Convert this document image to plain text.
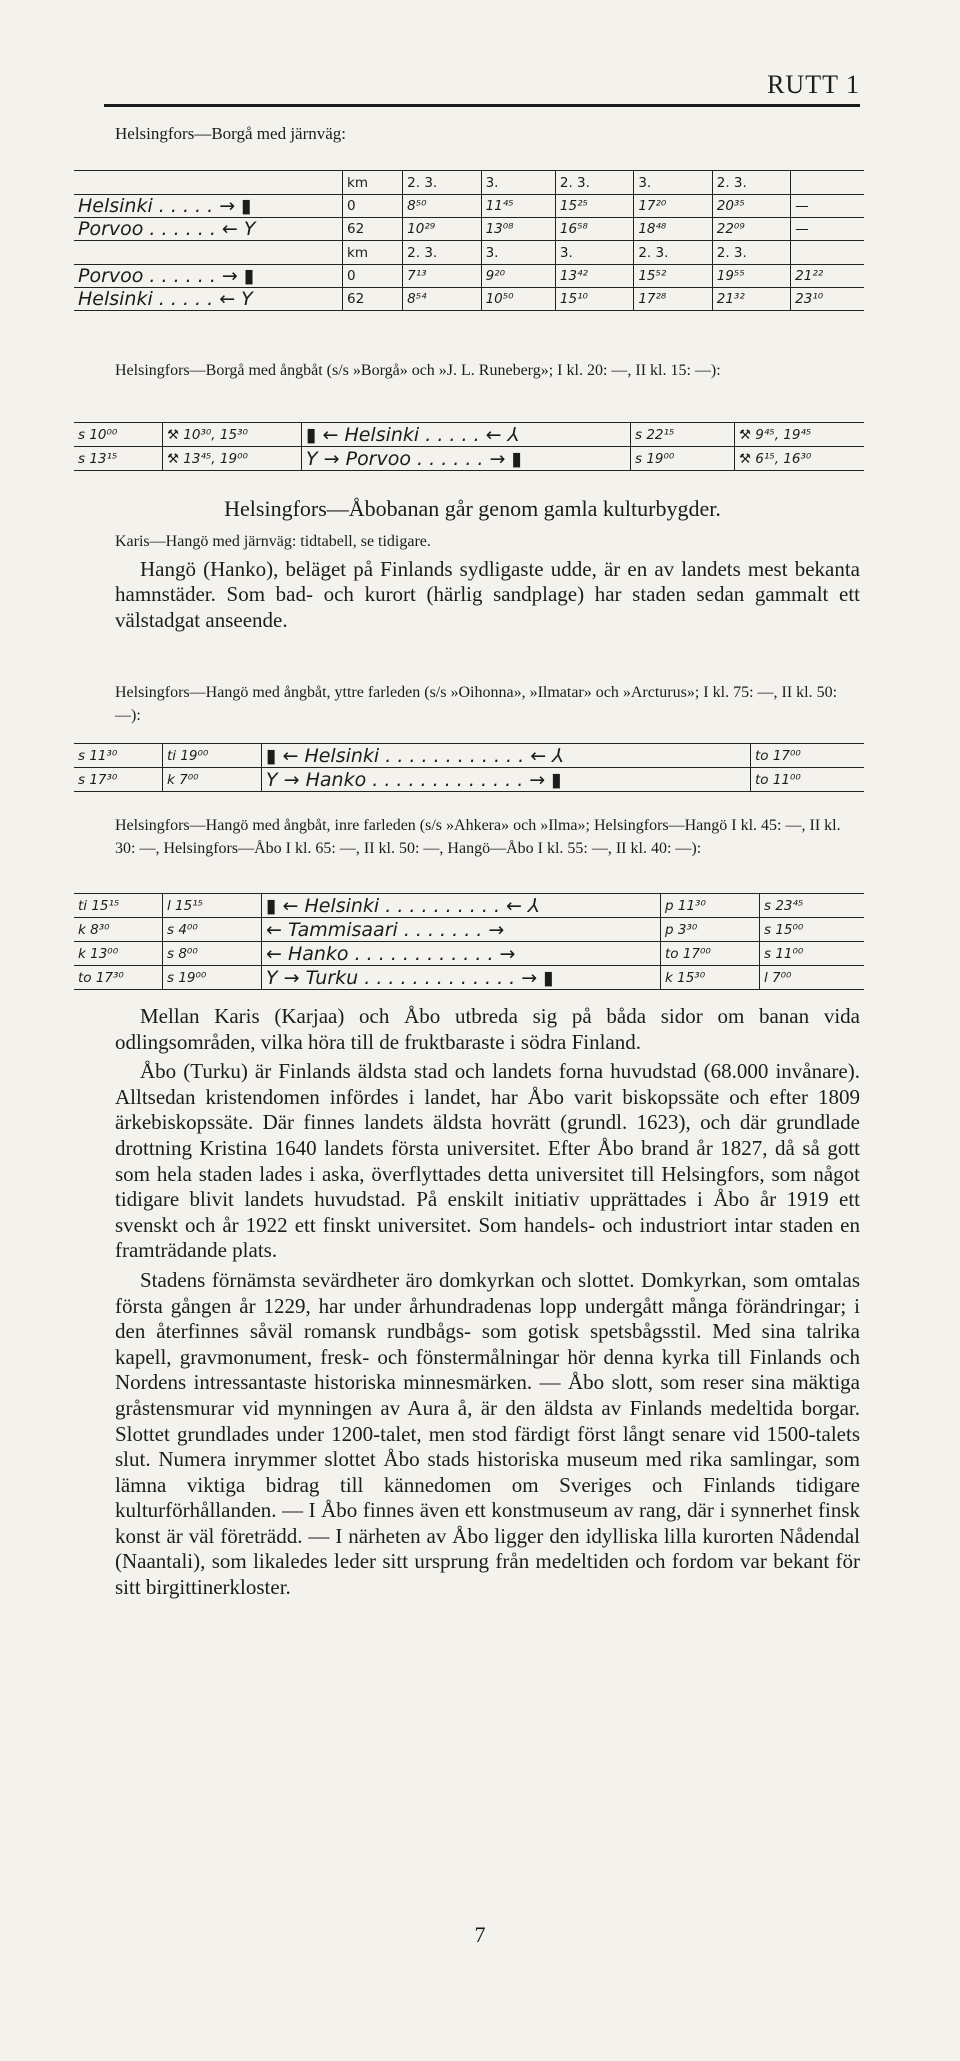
RUTT 1
Helsingfors—Borgå med järnväg:
	km	2. 3.	3.	2. 3.	3.	2. 3.	
Helsinki . . . . . → ▮	0	8⁵⁰	11⁴⁵	15²⁵	17²⁰	20³⁵	—
Porvoo . . . . . . ← Y	62	10²⁹	13⁰⁸	16⁵⁸	18⁴⁸	22⁰⁹	—
	km	2. 3.	3.	3.	2. 3.	2. 3.	
Porvoo . . . . . . → ▮	0	7¹³	9²⁰	13⁴²	15⁵²	19⁵⁵	21²²
Helsinki . . . . . ← Y	62	8⁵⁴	10⁵⁰	15¹⁰	17²⁸	21³²	23¹⁰
Helsingfors—Borgå med ångbåt (s/s »Borgå» och »J. L. Runeberg»; I kl. 20: —, II kl. 15: —):
s 10⁰⁰	⚒ 10³⁰, 15³⁰	▮ ← Helsinki . . . . . ← ⅄	s 22¹⁵	⚒ 9⁴⁵, 19⁴⁵
s 13¹⁵	⚒ 13⁴⁵, 19⁰⁰	Y → Porvoo . . . . . . → ▮	s 19⁰⁰	⚒ 6¹⁵, 16³⁰

Helsingfors—Åbobanan går genom gamla kulturbygder.

Karis—Hangö med järnväg: tidtabell, se tidigare.

Hangö (Hanko), beläget på Finlands sydligaste udde, är en av landets mest bekanta hamnstäder. Som bad- och kurort (härlig sandplage) har staden sedan gammalt ett välstadgat anseende.

Helsingfors—Hangö med ångbåt, yttre farleden (s/s »Oihonna», »Ilmatar» och »Arcturus»; I kl. 75: —, II kl. 50: —):
s 11³⁰	ti 19⁰⁰	▮ ← Helsinki . . . . . . . . . . . . ← ⅄	to 17⁰⁰
s 17³⁰	k 7⁰⁰	Y → Hanko . . . . . . . . . . . . . → ▮	to 11⁰⁰
Helsingfors—Hangö med ångbåt, inre farleden (s/s »Ahkera» och »Ilma»; Helsingfors—Hangö I kl. 45: —, II kl. 30: —, Helsingfors—Åbo I kl. 65: —, II kl. 50: —, Hangö—Åbo I kl. 55: —, II kl. 40: —):
ti 15¹⁵	l 15¹⁵	▮ ← Helsinki . . . . . . . . . . ← ⅄	p 11³⁰	s 23⁴⁵
k 8³⁰	s 4⁰⁰	← Tammisaari . . . . . . . →	p 3³⁰	s 15⁰⁰
k 13⁰⁰	s 8⁰⁰	← Hanko . . . . . . . . . . . . →	to 17⁰⁰	s 11⁰⁰
to 17³⁰	s 19⁰⁰	Y → Turku . . . . . . . . . . . . . → ▮	k 15³⁰	l 7⁰⁰

Mellan Karis (Karjaa) och Åbo utbreda sig på båda sidor om banan vida odlingsområden, vilka höra till de fruktbaraste i södra Finland.

Åbo (Turku) är Finlands äldsta stad och landets forna huvudstad (68.000 invånare). Alltsedan kristendomen infördes i landet, har Åbo varit biskopssäte och efter 1809 ärkebiskopssäte. Där finnes landets äldsta hovrätt (grundl. 1623), och där grundlade drottning Kristina 1640 landets första universitet. Efter Åbo brand år 1827, då så gott som hela staden lades i aska, överflyttades detta universitet till Helsingfors, som något tidigare blivit landets huvudstad. På enskilt initiativ upprättades i Åbo år 1919 ett svenskt och år 1922 ett finskt universitet. Som handels- och industriort intar staden en framträdande plats.

Stadens förnämsta sevärdheter äro domkyrkan och slottet. Domkyrkan, som omtalas första gången år 1229, har under århundradenas lopp undergått många förändringar; i den återfinnes såväl romansk rundbågs- som gotisk spetsbågsstil. Med sina talrika kapell, gravmonument, fresk- och fönstermålningar hör denna kyrka till Finlands och Nordens intressantaste historiska minnesmärken. — Åbo slott, som reser sina mäktiga gråstensmurar vid mynningen av Aura å, är den äldsta av Finlands medeltida borgar. Slottet grundlades under 1200-talet, men stod färdigt först långt senare vid 1500-talets slut. Numera inrymmer slottet Åbo stads historiska museum med rika samlingar, som lämna viktiga bidrag till kännedomen om Sveriges och Finlands tidigare kulturförhållanden. — I Åbo finnes även ett konstmuseum av rang, där i synnerhet finsk konst är väl företrädd. — I närheten av Åbo ligger den idylliska lilla kurorten Nådendal (Naantali), som likaledes leder sitt ursprung från medeltiden och fordom var bekant för sitt birgittinerkloster.

7
